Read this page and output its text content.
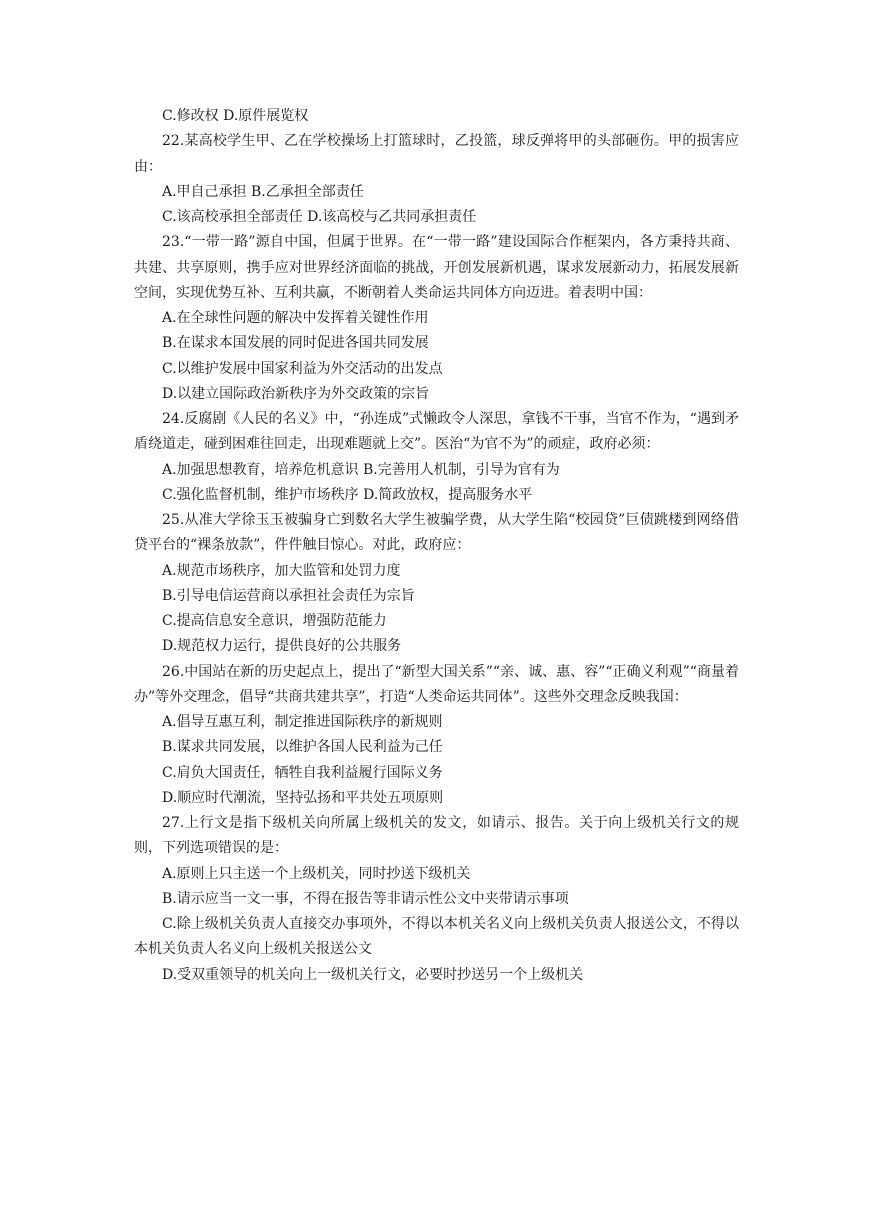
C.修改权 D.原件展览权
22.某高校学生甲、乙在学校操场上打篮球时，乙投篮，球反弹将甲的头部砸伤。甲的损害应由：
A.甲自己承担 B.乙承担全部责任
C.该高校承担全部责任 D.该高校与乙共同承担责任
23.“一带一路”源自中国，但属于世界。在“一带一路”建设国际合作框架内，各方秉持共商、共建、共享原则，携手应对世界经济面临的挑战，开创发展新机遇，谋求发展新动力，拓展发展新空间，实现优势互补、互利共赢，不断朝着人类命运共同体方向迈进。着表明中国：
A.在全球性问题的解决中发挥着关键性作用
B.在谋求本国发展的同时促进各国共同发展
C.以维护发展中国家利益为外交活动的出发点
D.以建立国际政治新秩序为外交政策的宗旨
24.反腐剧《人民的名义》中，“孙连成”式懒政令人深思，拿钱不干事，当官不作为，“遇到矛盾绕道走，碰到困难往回走，出现难题就上交”。医治“为官不为”的顽症，政府必须：
A.加强思想教育，培养危机意识 B.完善用人机制，引导为官有为
C.强化监督机制，维护市场秩序 D.简政放权，提高服务水平
25.从准大学徐玉玉被骗身亡到数名大学生被骗学费，从大学生陷“校园贷”巨债跳楼到网络借贷平台的“裸条放款”，件件触目惊心。对此，政府应：
A.规范市场秩序，加大监管和处罚力度
B.引导电信运营商以承担社会责任为宗旨
C.提高信息安全意识，增强防范能力
D.规范权力运行，提供良好的公共服务
26.中国站在新的历史起点上，提出了“新型大国关系”“亲、诚、惠、容”“正确义利观”“商量着办”等外交理念，倡导“共商共建共享”，打造“人类命运共同体”。这些外交理念反映我国：
A.倡导互惠互利，制定推进国际秩序的新规则
B.谋求共同发展，以维护各国人民利益为己任
C.肩负大国责任，牺牲自我利益履行国际义务
D.顺应时代潮流，坚持弘扬和平共处五项原则
27.上行文是指下级机关向所属上级机关的发文，如请示、报告。关于向上级机关行文的规则，下列选项错误的是：
A.原则上只主送一个上级机关，同时抄送下级机关
B.请示应当一文一事，不得在报告等非请示性公文中夹带请示事项
C.除上级机关负责人直接交办事项外，不得以本机关名义向上级机关负责人报送公文，不得以本机关负责人名义向上级机关报送公文
D.受双重领导的机关向上一级机关行文，必要时抄送另一个上级机关
